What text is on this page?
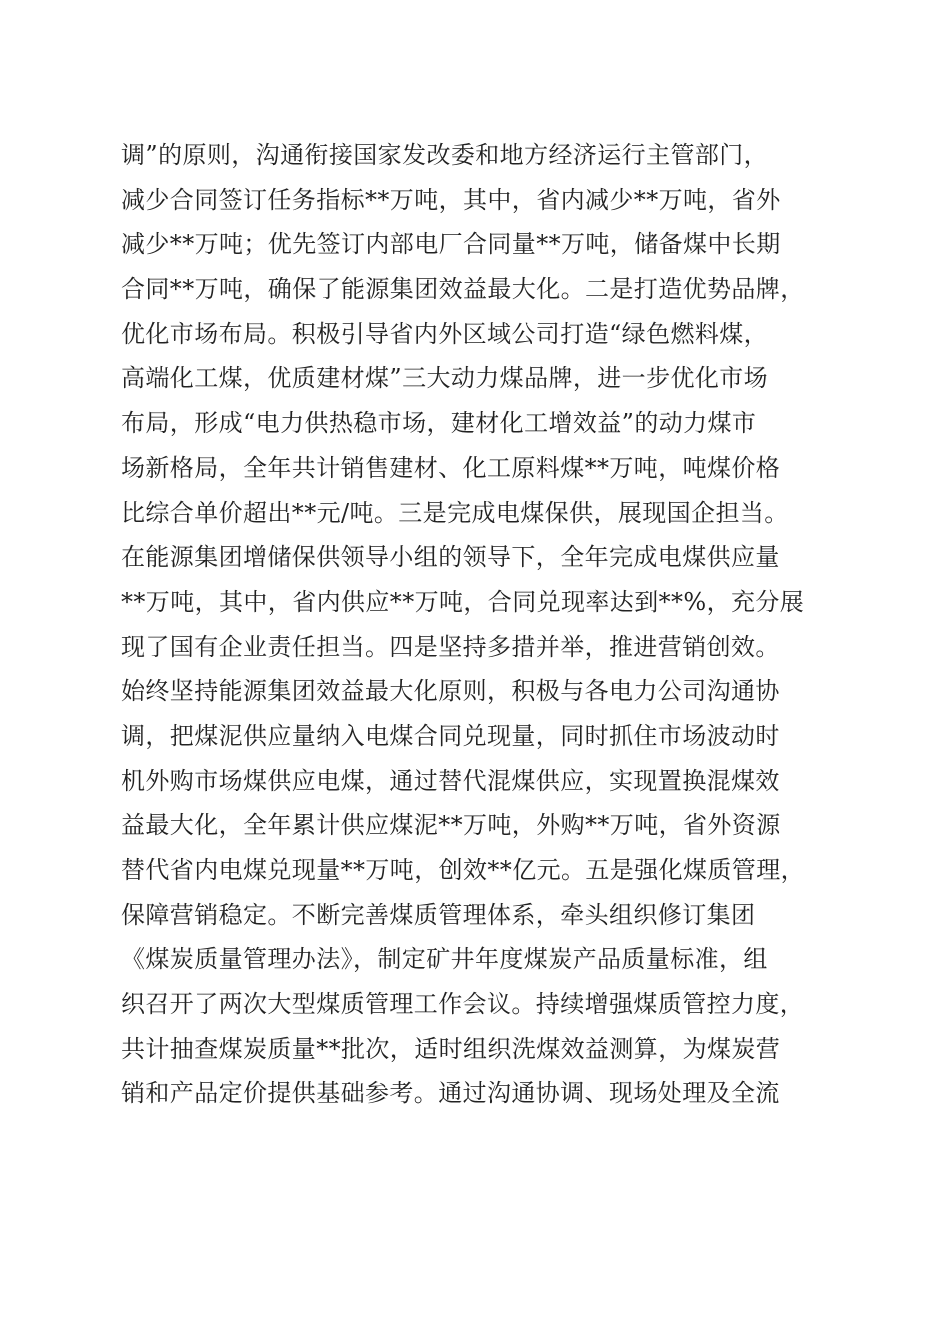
调”的原则，沟通衔接国家发改委和地方经济运行主管部门，
减少合同签订任务指标**万吨，其中，省内减少**万吨，省外
减少**万吨；优先签订内部电厂合同量**万吨，储备煤中长期
合同**万吨，确保了能源集团效益最大化。二是打造优势品牌，
优化市场布局。积极引导省内外区域公司打造“绿色燃料煤，
高端化工煤，优质建材煤”三大动力煤品牌，进一步优化市场
布局，形成“电力供热稳市场，建材化工增效益”的动力煤市
场新格局，全年共计销售建材、化工原料煤**万吨，吨煤价格
比综合单价超出**元/吨。三是完成电煤保供，展现国企担当。
在能源集团增储保供领导小组的领导下，全年完成电煤供应量
**万吨，其中，省内供应**万吨，合同兑现率达到**%，充分展
现了国有企业责任担当。四是坚持多措并举，推进营销创效。
始终坚持能源集团效益最大化原则，积极与各电力公司沟通协
调，把煤泥供应量纳入电煤合同兑现量，同时抓住市场波动时
机外购市场煤供应电煤，通过替代混煤供应，实现置换混煤效
益最大化，全年累计供应煤泥**万吨，外购**万吨，省外资源
替代省内电煤兑现量**万吨，创效**亿元。五是强化煤质管理，
保障营销稳定。不断完善煤质管理体系，牵头组织修订集团
《煤炭质量管理办法》，制定矿井年度煤炭产品质量标准，组
织召开了两次大型煤质管理工作会议。持续增强煤质管控力度，
共计抽查煤炭质量**批次，适时组织洗煤效益测算，为煤炭营
销和产品定价提供基础参考。通过沟通协调、现场处理及全流
